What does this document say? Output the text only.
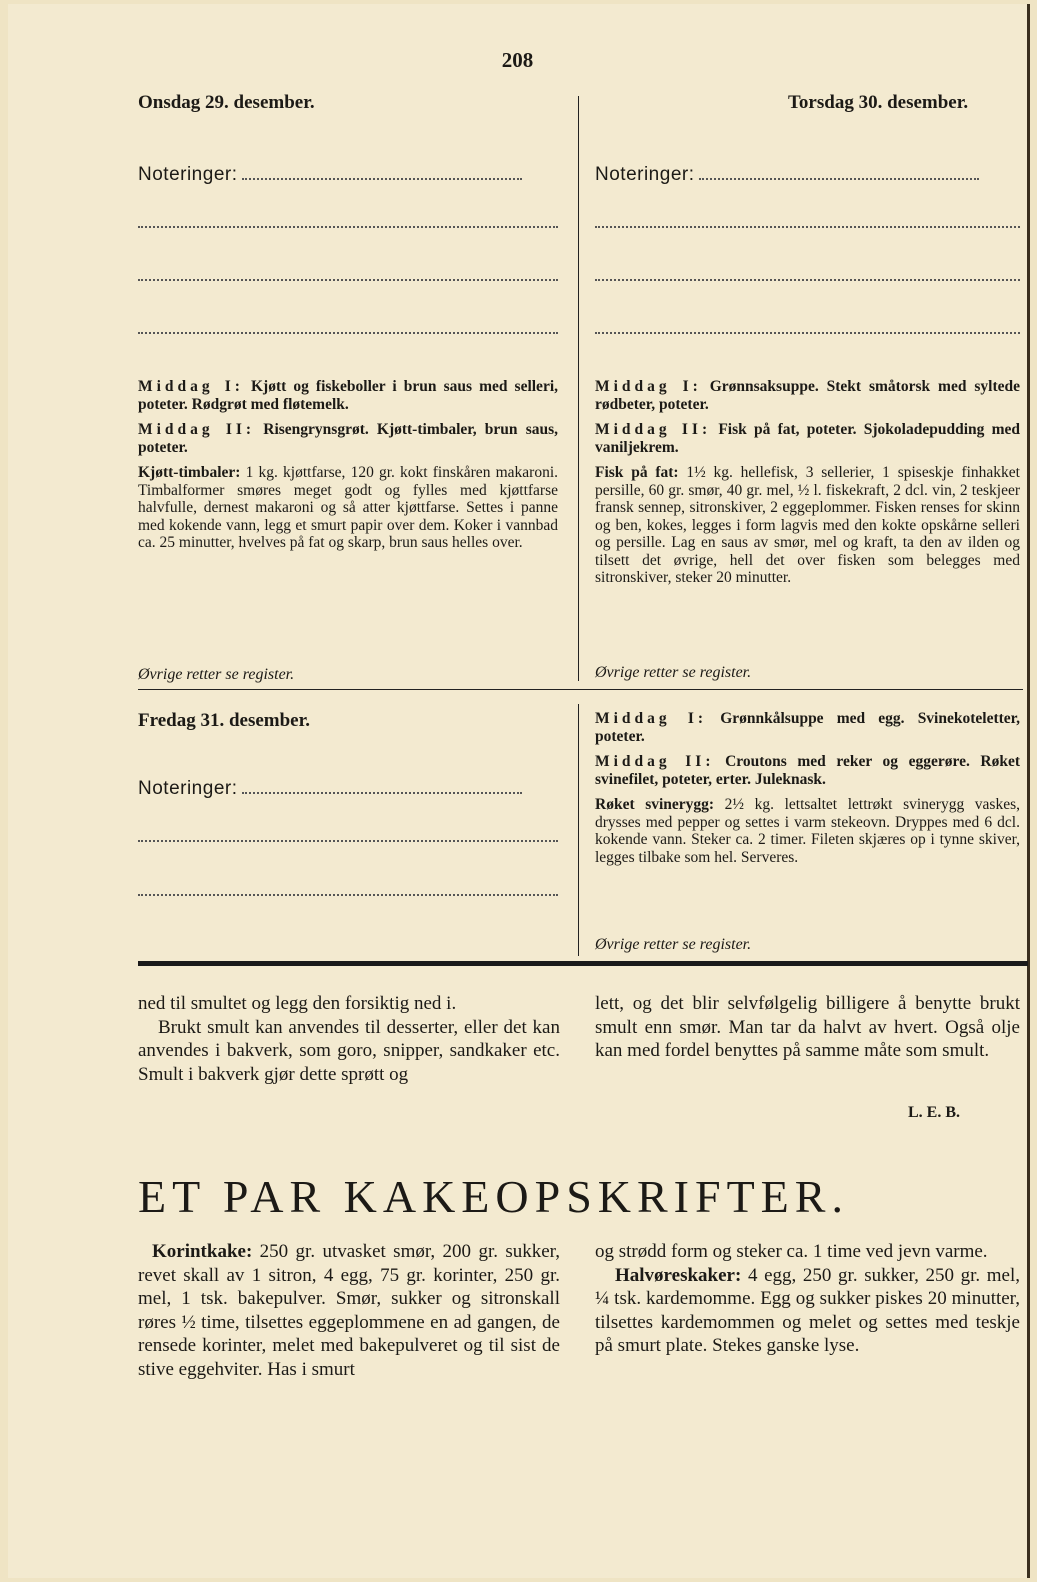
208
Onsdag 29. desember.
Noteringer:

Middag I: Kjøtt og fiskeboller i brun saus med selleri, poteter. Rødgrøt med fløtemelk.

Middag II: Risengrynsgrøt. Kjøtt-timbaler, brun saus, poteter.

Kjøtt-timbaler: 1 kg. kjøttfarse, 120 gr. kokt finskåren makaroni. Timbalformer smøres meget godt og fylles med kjøttfarse halvfulle, dernest makaroni og så atter kjøttfarse. Settes i panne med kokende vann, legg et smurt papir over dem. Koker i vannbad ca. 25 minutter, hvelves på fat og skarp, brun saus helles over.

Øvrige retter se register.
Torsdag 30. desember.
Noteringer:

Middag I: Grønnsaksuppe. Stekt småtorsk med syltede rødbeter, poteter.

Middag II: Fisk på fat, poteter. Sjokoladepudding med vaniljekrem.

Fisk på fat: 1½ kg. hellefisk, 3 sellerier, 1 spiseskje finhakket persille, 60 gr. smør, 40 gr. mel, ½ l. fiskekraft, 2 dcl. vin, 2 teskjeer fransk sennep, sitronskiver, 2 eggeplommer. Fisken renses for skinn og ben, kokes, legges i form lagvis med den kokte opskårne selleri og persille. Lag en saus av smør, mel og kraft, ta den av ilden og tilsett det øvrige, hell det over fisken som belegges med sitronskiver, steker 20 minutter.

Øvrige retter se register.
Fredag 31. desember.
Noteringer:

Middag I: Grønnkålsuppe med egg. Svinekoteletter, poteter.

Middag II: Croutons med reker og eggerøre. Røket svinefilet, poteter, erter. Juleknask.

Røket svinerygg: 2½ kg. lettsaltet lettrøkt svinerygg vaskes, drysses med pepper og settes i varm stekeovn. Dryppes med 6 dcl. kokende vann. Steker ca. 2 timer. Fileten skjæres op i tynne skiver, legges tilbake som hel. Serveres.

Øvrige retter se register.

ned til smultet og legg den forsiktig ned i.

Brukt smult kan anvendes til desserter, eller det kan anvendes i bakverk, som goro, snipper, sandkaker etc. Smult i bakverk gjør dette sprøtt og

lett, og det blir selvfølgelig billigere å benytte brukt smult enn smør. Man tar da halvt av hvert. Også olje kan med fordel benyttes på samme måte som smult.

L. E. B.
ET PAR KAKEOPSKRIFTER.

Korintkake: 250 gr. utvasket smør, 200 gr. sukker, revet skall av 1 sitron, 4 egg, 75 gr. korinter, 250 gr. mel, 1 tsk. bakepulver. Smør, sukker og sitronskall røres ½ time, tilsettes eggeplommene en ad gangen, de rensede korinter, melet med bakepulveret og til sist de stive eggehviter. Has i smurt

og strødd form og steker ca. 1 time ved jevn varme.

Halvøreskaker: 4 egg, 250 gr. sukker, 250 gr. mel, ¼ tsk. kardemomme. Egg og sukker piskes 20 minutter, tilsettes kardemommen og melet og settes med teskje på smurt plate. Stekes ganske lyse.
